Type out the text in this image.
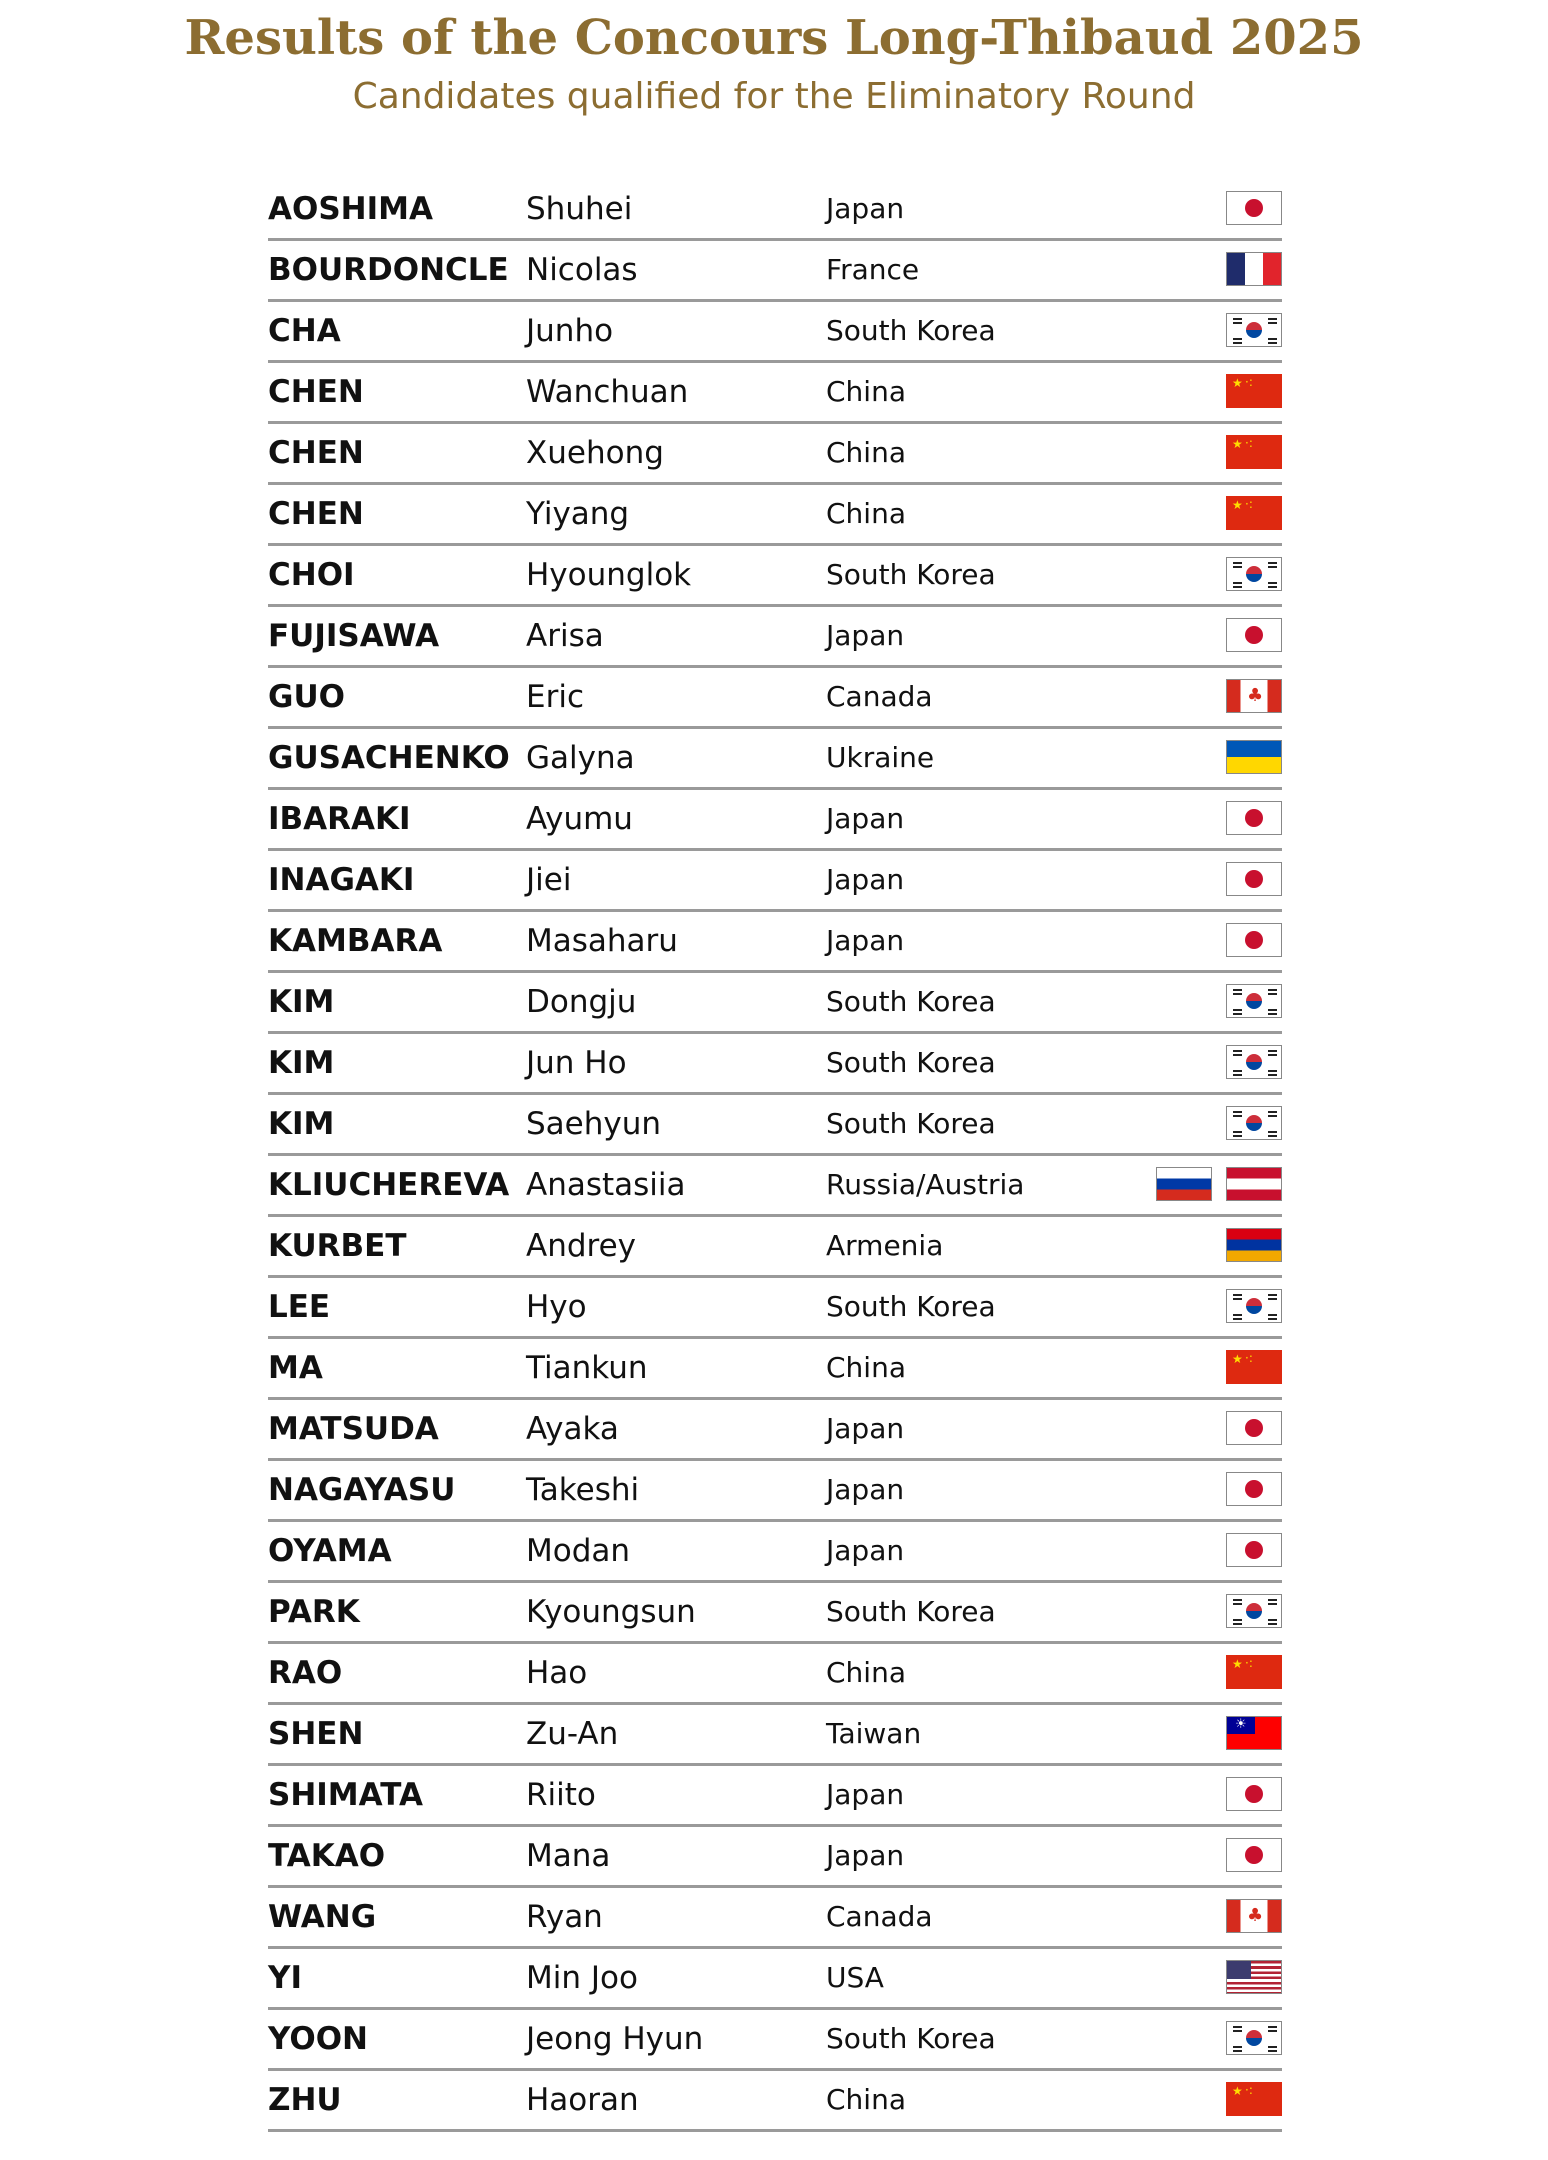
Results of the Concours Long-Thibaud 2025
Candidates qualified for the Eliminatory Round
AOSHIMA	Shuhei	Japan
BOURDONCLE Nicolas	France
CHA	Junho	South Korea
CHEN	Wanchuan	China
·: ★
CHEN	Xuehong	China
·: ★
CHEN	Yiyang	China
·: ★
CHOI	Hyounglok	South Korea
FUJISAWA	Arisa	Japan
GUO	Eric	Canada
♣
GUSACHENKO Galyna	Ukraine
IBARAKI	Ayumu	Japan
INAGAKI	Jiei	Japan
KAMBARA	Masaharu	Japan
KIM	Dongju	South Korea
KIM	Jun Ho	South Korea
KIM	Saehyun	South Korea
KLIUCHEREVA Anastasiia	Russia/Austria
KURBET	Andrey	Armenia
LEE	Hyo	South Korea
MA	Tiankun	China
·: ★
MATSUDA	Ayaka	Japan
NAGAYASU Takeshi	Japan
OYAMA	Modan	Japan
PARK	Kyoungsun	South Korea
RAO	Hao	China
·: ★
SHEN	Zu-An	Taiwan
☀
SHIMATA	Riito	Japan
TAKAO	Mana	Japan
WANG	Ryan	Canada
♣
YI	Min Joo	USA
YOON	Jeong Hyun	South Korea
ZHU	Haoran	China
·: ★
